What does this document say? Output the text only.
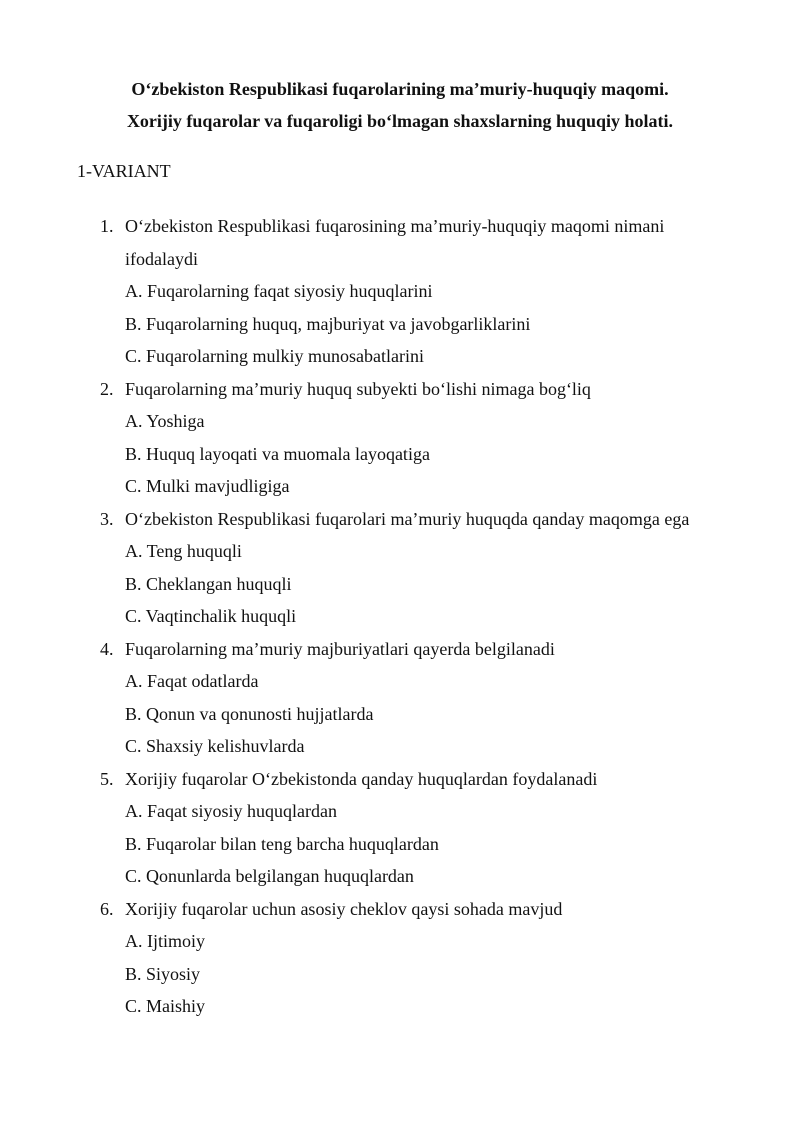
O‘zbekiston Respublikasi fuqarolarining ma’muriy-huquqiy maqomi.
Xorijiy fuqarolar va fuqaroligi bo‘lmagan shaxslarning huquqiy holati.

1-VARIANT

1. O‘zbekiston Respublikasi fuqarosining ma’muriy-huquqiy maqomi nimani ifodalaydi
A. Fuqarolarning faqat siyosiy huquqlarini
B. Fuqarolarning huquq, majburiyat va javobgarliklarini
C. Fuqarolarning mulkiy munosabatlarini
2. Fuqarolarning ma’muriy huquq subyekti bo‘lishi nimaga bog‘liq
A. Yoshiga
B. Huquq layoqati va muomala layoqatiga
C. Mulki mavjudligiga
3. O‘zbekiston Respublikasi fuqarolari ma’muriy huquqda qanday maqomga ega
A. Teng huquqli
B. Cheklangan huquqli
C. Vaqtinchalik huquqli
4. Fuqarolarning ma’muriy majburiyatlari qayerda belgilanadi
A. Faqat odatlarda
B. Qonun va qonunosti hujjatlarda
C. Shaxsiy kelishuvlarda
5. Xorijiy fuqarolar O‘zbekistonda qanday huquqlardan foydalanadi
A. Faqat siyosiy huquqlardan
B. Fuqarolar bilan teng barcha huquqlardan
C. Qonunlarda belgilangan huquqlardan
6. Xorijiy fuqarolar uchun asosiy cheklov qaysi sohada mavjud
A. Ijtimoiy
B. Siyosiy
C. Maishiy
